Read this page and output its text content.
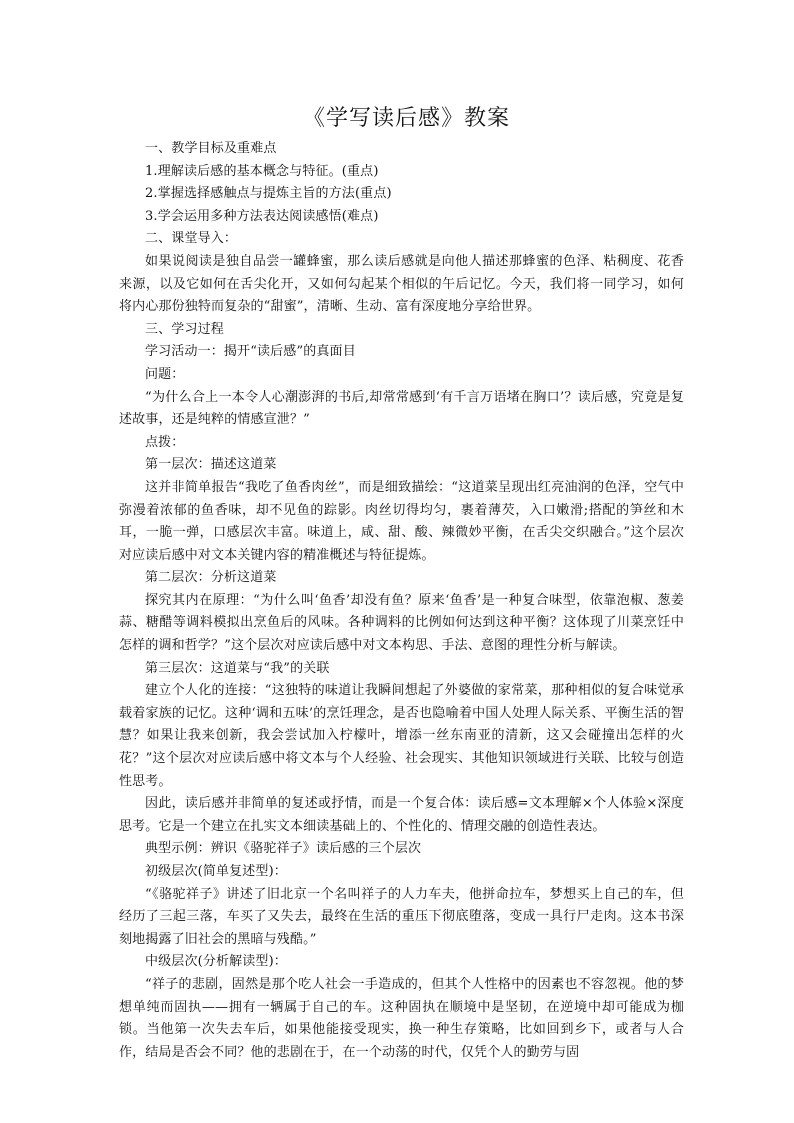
《学写读后感》教案

一、教学目标及重难点

1.理解读后感的基本概念与特征。(重点)

2.掌握选择感触点与提炼主旨的方法(重点)

3.学会运用多种方法表达阅读感悟(难点)

二、课堂导入：

如果说阅读是独自品尝一罐蜂蜜，那么读后感就是向他人描述那蜂蜜的色泽、粘稠度、花香来源，以及它如何在舌尖化开，又如何勾起某个相似的午后记忆。今天，我们将一同学习，如何将内心那份独特而复杂的“甜蜜”，清晰、生动、富有深度地分享给世界。

三、学习过程

学习活动一：揭开“读后感”的真面目

问题：

“为什么合上一本令人心潮澎湃的书后,却常常感到‘有千言万语堵在胸口’？读后感，究竟是复述故事，还是纯粹的情感宣泄？”

点拨：

第一层次：描述这道菜

这并非简单报告“我吃了鱼香肉丝”，而是细致描绘：“这道菜呈现出红亮油润的色泽，空气中弥漫着浓郁的鱼香味，却不见鱼的踪影。肉丝切得均匀，裹着薄芡，入口嫩滑;搭配的笋丝和木耳，一脆一弹，口感层次丰富。味道上，咸、甜、酸、辣微妙平衡，在舌尖交织融合。”这个层次对应读后感中对文本关键内容的精准概述与特征提炼。

第二层次：分析这道菜

探究其内在原理：“为什么叫‘鱼香’却没有鱼？原来‘鱼香’是一种复合味型，依靠泡椒、葱姜蒜、糖醋等调料模拟出烹鱼后的风味。各种调料的比例如何达到这种平衡？这体现了川菜烹饪中怎样的调和哲学？”这个层次对应读后感中对文本构思、手法、意图的理性分析与解读。

第三层次：这道菜与“我”的关联

建立个人化的连接：“这独特的味道让我瞬间想起了外婆做的家常菜，那种相似的复合味觉承载着家族的记忆。这种‘调和五味’的烹饪理念，是否也隐喻着中国人处理人际关系、平衡生活的智慧？如果让我来创新，我会尝试加入柠檬叶，增添一丝东南亚的清新，这又会碰撞出怎样的火花？”这个层次对应读后感中将文本与个人经验、社会现实、其他知识领域进行关联、比较与创造性思考。

因此，读后感并非简单的复述或抒情，而是一个复合体：读后感=文本理解×个人体验×深度思考。它是一个建立在扎实文本细读基础上的、个性化的、情理交融的创造性表达。

典型示例：辨识《骆驼祥子》读后感的三个层次

初级层次(简单复述型)：

“《骆驼祥子》讲述了旧北京一个名叫祥子的人力车夫，他拼命拉车，梦想买上自己的车，但经历了三起三落，车买了又失去，最终在生活的重压下彻底堕落，变成一具行尸走肉。这本书深刻地揭露了旧社会的黑暗与残酷。”

中级层次(分析解读型)：

“祥子的悲剧，固然是那个吃人社会一手造成的，但其个人性格中的因素也不容忽视。他的梦想单纯而固执——拥有一辆属于自己的车。这种固执在顺境中是坚韧，在逆境中却可能成为枷锁。当他第一次失去车后，如果他能接受现实，换一种生存策略，比如回到乡下，或者与人合作，结局是否会不同？他的悲剧在于，在一个动荡的时代，仅凭个人的勤劳与固
